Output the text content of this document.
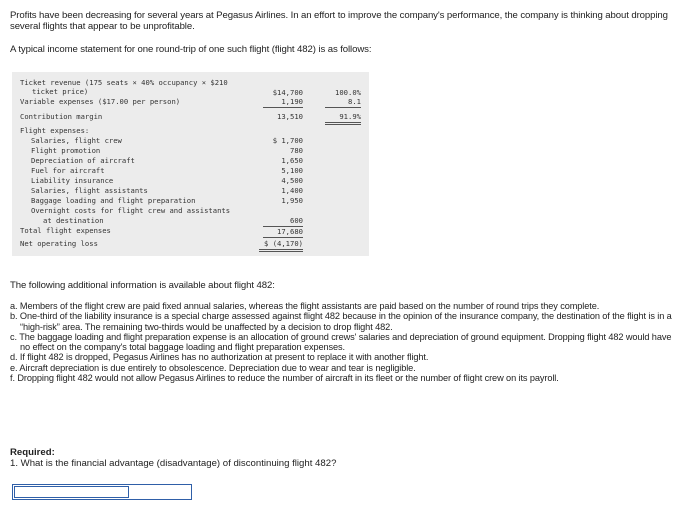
Profits have been decreasing for several years at Pegasus Airlines. In an effort to improve the company's performance, the company is thinking about dropping several flights that appear to be unprofitable.
A typical income statement for one round-trip of one such flight (flight 482) is as follows:
Ticket revenue (175 seats × 40% occupancy × $210
ticket price)	$14,700	100.0%
Variable expenses ($17.00 per person)	1,190	8.1
Contribution margin	13,510	91.9%
Flight expenses:
Salaries, flight crew	$ 1,700
Flight promotion	780
Depreciation of aircraft	1,650
Fuel for aircraft	5,100
Liability insurance	4,500
Salaries, flight assistants	1,400
Baggage loading and flight preparation	1,950
Overnight costs for flight crew and assistants
at destination	600
Total flight expenses	17,680
Net operating loss	$ (4,170)
The following additional information is available about flight 482:
a. Members of the flight crew are paid fixed annual salaries, whereas the flight assistants are paid based on the number of round trips they complete.
b. One-third of the liability insurance is a special charge assessed against flight 482 because in the opinion of the insurance company, the destination of the flight is in a “high-risk” area. The remaining two-thirds would be unaffected by a decision to drop flight 482.
c. The baggage loading and flight preparation expense is an allocation of ground crews' salaries and depreciation of ground equipment. Dropping flight 482 would have no effect on the company's total baggage loading and flight preparation expenses.
d. If flight 482 is dropped, Pegasus Airlines has no authorization at present to replace it with another flight.
e. Aircraft depreciation is due entirely to obsolescence. Depreciation due to wear and tear is negligible.
f. Dropping flight 482 would not allow Pegasus Airlines to reduce the number of aircraft in its fleet or the number of flight crew on its payroll.
Required:
1. What is the financial advantage (disadvantage) of discontinuing flight 482?
